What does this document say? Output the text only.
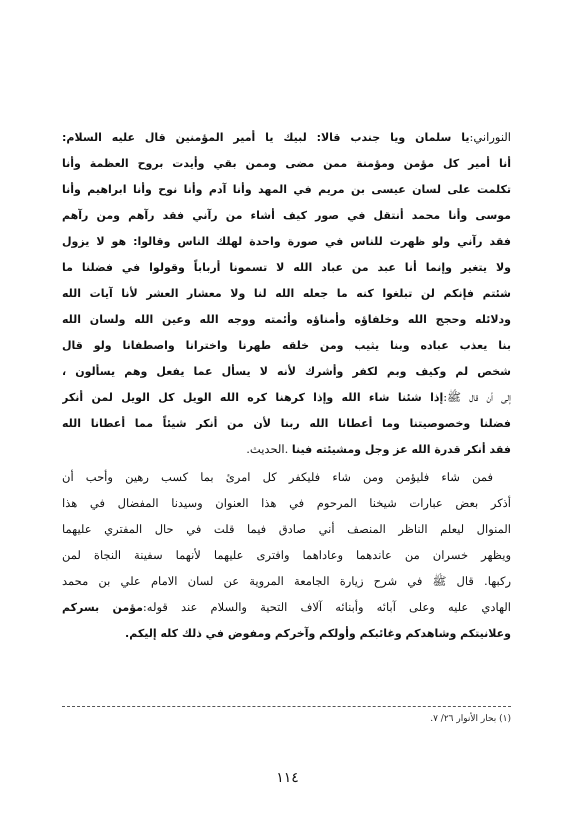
النوراني:يا سلمان ويا جندب قالا: لبيك يا أمير المؤمنين قال عليه السلام:
أنا أمير كل مؤمن ومؤمنة ممن مضى وممن بقي وأيدت بروح العظمة وأنا
تكلمت على لسان عيسى بن مريم في المهد وأنا آدم وأنا نوح وأنا ابراهيم وأنا
موسى وأنا محمد أنتقل في صور كيف أشاء من رآني فقد رآهم ومن رآهم
فقد رآني ولو ظهرت للناس في صورة واحدة لهلك الناس وقالوا: هو لا يزول
ولا يتغير وإنما أنا عبد من عباد الله لا تسمونا أرباباً وقولوا في فضلنا ما
شئتم فإنكم لن تبلغوا كنه ما جعله الله لنا ولا معشار العشر لأنا آيات الله
ودلائله وحجج الله وخلفاؤه وأمناؤه وأئمته ووجه الله وعين الله ولسان الله
بنا يعذب عباده وبنا يثيب ومن خلقه طهرنا واخترانا واصطفانا ولو قال
شخص لم وكيف وبم لكفر وأشرك لأنه لا يسأل عما يفعل وهم يسألون ،
إلى أن قال ﷺ:إذا شئنا شاء الله وإذا كرهنا كره الله الويل كل الويل لمن أنكر
فضلنا وخصوصيتنا وما أعطانا الله ربنا لأن من أنكر شيئاً مما أعطانا الله
فقد أنكر قدرة الله عز وجل ومشيئته فينا .الحديث.
فمن شاء فليؤمن ومن شاء فليكفر كل امرئ بما كسب رهين وأحب أن
أذكر بعض عبارات شيخنا المرحوم في هذا العنوان وسيدنا المفضال في هذا
المنوال ليعلم الناظر المنصف أني صادق فيما قلت في حال المفتري عليهما
ويظهر خسران من عاندهما وعاداهما وافترى عليهما لأنهما سفينة النجاة لمن
ركبها. قال ﷺ في شرح زيارة الجامعة المروية عن لسان الامام علي بن محمد
الهادي عليه وعلى آبائه وأبنائه آلاف التحية والسلام عند قوله:مؤمن بسركم
وعلانيتكم وشاهدكم وغائبكم وأولكم وآخركم ومفوض في ذلك كله إليكم.
(١) بحار الأنوار ٢٦/ ٧.
١١٤
